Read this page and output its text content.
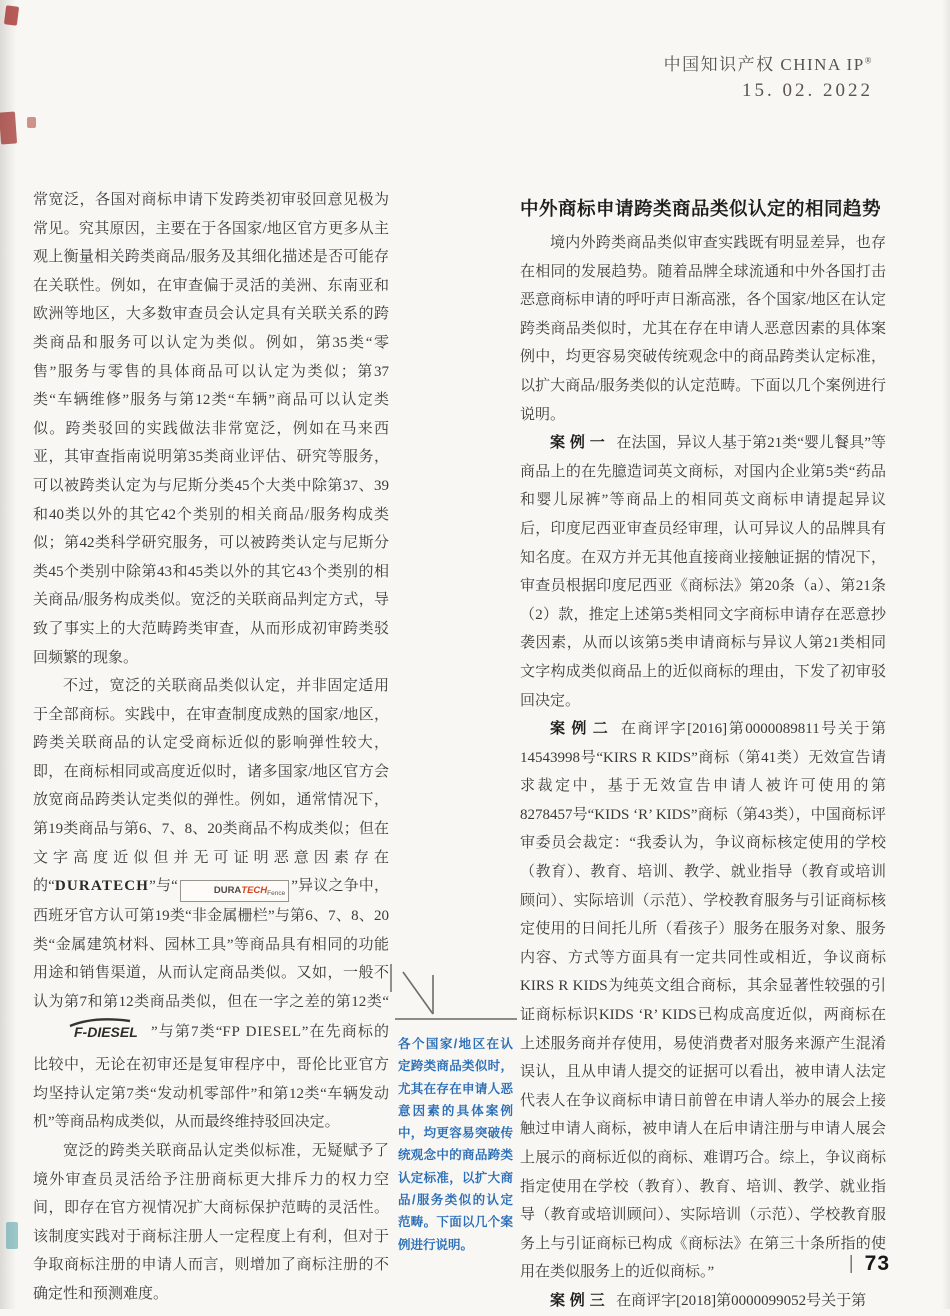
中国知识产权 CHINA IP®
15. 02. 2022

常宽泛，各国对商标申请下发跨类初审驳回意见极为常见。究其原因，主要在于各国家/地区官方更多从主观上衡量相关跨类商品/服务及其细化描述是否可能存在关联性。例如，在审查偏于灵活的美洲、东南亚和欧洲等地区，大多数审查员会认定具有关联关系的跨类商品和服务可以认定为类似。例如，第35类“零售”服务与零售的具体商品可以认定为类似；第37类“车辆维修”服务与第12类“车辆”商品可以认定类似。跨类驳回的实践做法非常宽泛，例如在马来西亚，其审查指南说明第35类商业评估、研究等服务，可以被跨类认定为与尼斯分类45个大类中除第37、39和40类以外的其它42个类别的相关商品/服务构成类似；第42类科学研究服务，可以被跨类认定与尼斯分类45个类别中除第43和45类以外的其它43个类别的相关商品/服务构成类似。宽泛的关联商品判定方式，导致了事实上的大范畴跨类审查，从而形成初审跨类驳回频繁的现象。

不过，宽泛的关联商品类似认定，并非固定适用于全部商标。实践中，在审查制度成熟的国家/地区，跨类关联商品的认定受商标近似的影响弹性较大，即，在商标相同或高度近似时，诸多国家/地区官方会放宽商品跨类认定类似的弹性。例如，通常情况下，第19类商品与第6、7、8、20类商品不构成类似；但在文字高度近似但并无可证明恶意因素存在的“DURATECH”与“	DURATECHFence ”异议之争中，西班牙官方认可第19类“非金属栅栏”与第6、7、8、20类“金属建筑材料、园林工具”等商品具有相同的功能用途和销售渠道，从而认定商品类似。又如，一般不认为第7和第12类商品类似，但在一字之差的第12类“
F-DIESEL ”与第7类“FP DIESEL”在先商标的比较中，无论在初审还是复审程序中，哥伦比亚官方均坚持认定第7类“发动机零部件”和第12类“车辆发动机”等商品构成类似，从而最终维持驳回决定。

宽泛的跨类关联商品认定类似标准，无疑赋予了境外审查员灵活给予注册商标更大排斥力的权力空间，即存在官方视情况扩大商标保护范畴的灵活性。该制度实践对于商标注册人一定程度上有利，但对于争取商标注册的申请人而言，则增加了商标注册的不确定性和预测难度。

各个国家/地区在认定跨类商品类似时，尤其在存在申请人恶意因素的具体案例中，均更容易突破传统观念中的商品跨类认定标准，以扩大商品/服务类似的认定范畴。下面以几个案例进行说明。
中外商标申请跨类商品类似认定的相同趋势

境内外跨类商品类似审查实践既有明显差异，也存在相同的发展趋势。随着品牌全球流通和中外各国打击恶意商标申请的呼吁声日渐高涨，各个国家/地区在认定跨类商品类似时，尤其在存在申请人恶意因素的具体案例中，均更容易突破传统观念中的商品跨类认定标准，以扩大商品/服务类似的认定范畴。下面以几个案例进行说明。

案例一 在法国，异议人基于第21类“婴儿餐具”等商品上的在先臆造词英文商标，对国内企业第5类“药品和婴儿尿裤”等商品上的相同英文商标申请提起异议后，印度尼西亚审查员经审理，认可异议人的品牌具有知名度。在双方并无其他直接商业接触证据的情况下，审查员根据印度尼西亚《商标法》第20条（a）、第21条（2）款，推定上述第5类相同文字商标申请存在恶意抄袭因素，从而以该第5类申请商标与异议人第21类相同文字构成类似商品上的近似商标的理由，下发了初审驳回决定。

案例二 在商评字[2016]第0000089811号关于第14543998号“KIRS R KIDS”商标（第41类）无效宣告请求裁定中，基于无效宣告申请人被许可使用的第8278457号“KIDS ‘R’ KIDS”商标（第43类），中国商标评审委员会裁定：“我委认为，争议商标核定使用的学校（教育）、教育、培训、教学、就业指导（教育或培训顾问）、实际培训（示范）、学校教育服务与引证商标核定使用的日间托儿所（看孩子）服务在服务对象、服务内容、方式等方面具有一定共同性或相近，争议商标KIRS R KIDS为纯英文组合商标，其余显著性较强的引证商标标识KIDS ‘R’ KIDS已构成高度近似，两商标在上述服务商并存使用，易使消费者对服务来源产生混淆误认，且从申请人提交的证据可以看出，被申请人法定代表人在争议商标申请日前曾在申请人举办的展会上接触过申请人商标，被申请人在后申请注册与申请人展会上展示的商标近似的商标、难谓巧合。综上，争议商标指定使用在学校（教育）、教育、培训、教学、就业指导（教育或培训顾问）、实际培训（示范）、学校教育服务上与引证商标已构成《商标法》在第三十条所指的使用在类似服务上的近似商标。”

案例三 在商评字[2018]第0000099052号关于第

| 73
